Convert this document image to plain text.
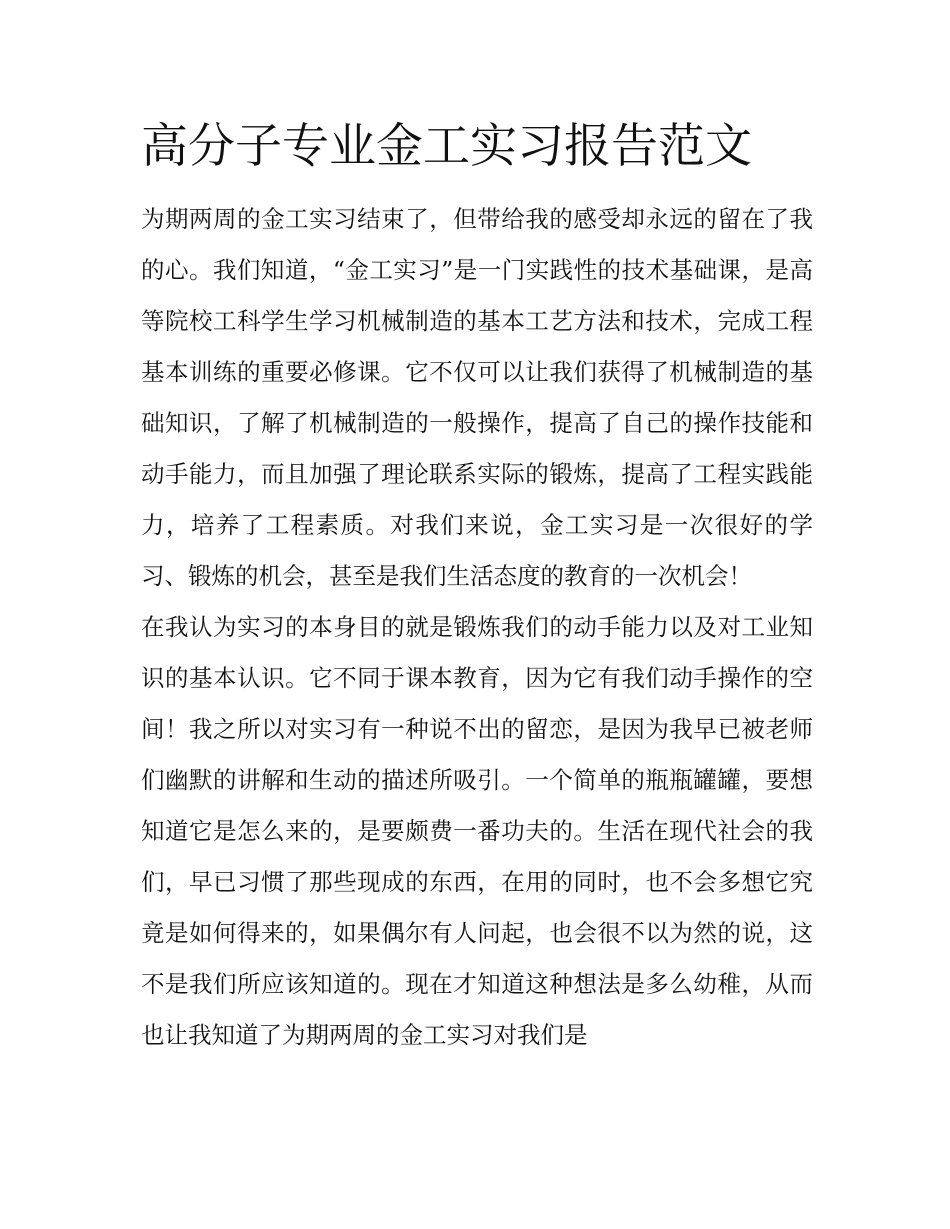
高分子专业金工实习报告范文

为期两周的金工实习结束了，但带给我的感受却永远的留在了我的心。我们知道，“金工实习”是一门实践性的技术基础课，是高等院校工科学生学习机械制造的基本工艺方法和技术，完成工程基本训练的重要必修课。它不仅可以让我们获得了机械制造的基础知识，了解了机械制造的一般操作，提高了自己的操作技能和动手能力，而且加强了理论联系实际的锻炼，提高了工程实践能力，培养了工程素质。对我们来说，金工实习是一次很好的学习、锻炼的机会，甚至是我们生活态度的教育的一次机会！

在我认为实习的本身目的就是锻炼我们的动手能力以及对工业知识的基本认识。它不同于课本教育，因为它有我们动手操作的空间！我之所以对实习有一种说不出的留恋，是因为我早已被老师们幽默的讲解和生动的描述所吸引。一个简单的瓶瓶罐罐，要想知道它是怎么来的，是要颇费一番功夫的。生活在现代社会的我们，早已习惯了那些现成的东西，在用的同时，也不会多想它究竟是如何得来的，如果偶尔有人问起，也会很不以为然的说，这不是我们所应该知道的。现在才知道这种想法是多么幼稚，从而也让我知道了为期两周的金工实习对我们是
